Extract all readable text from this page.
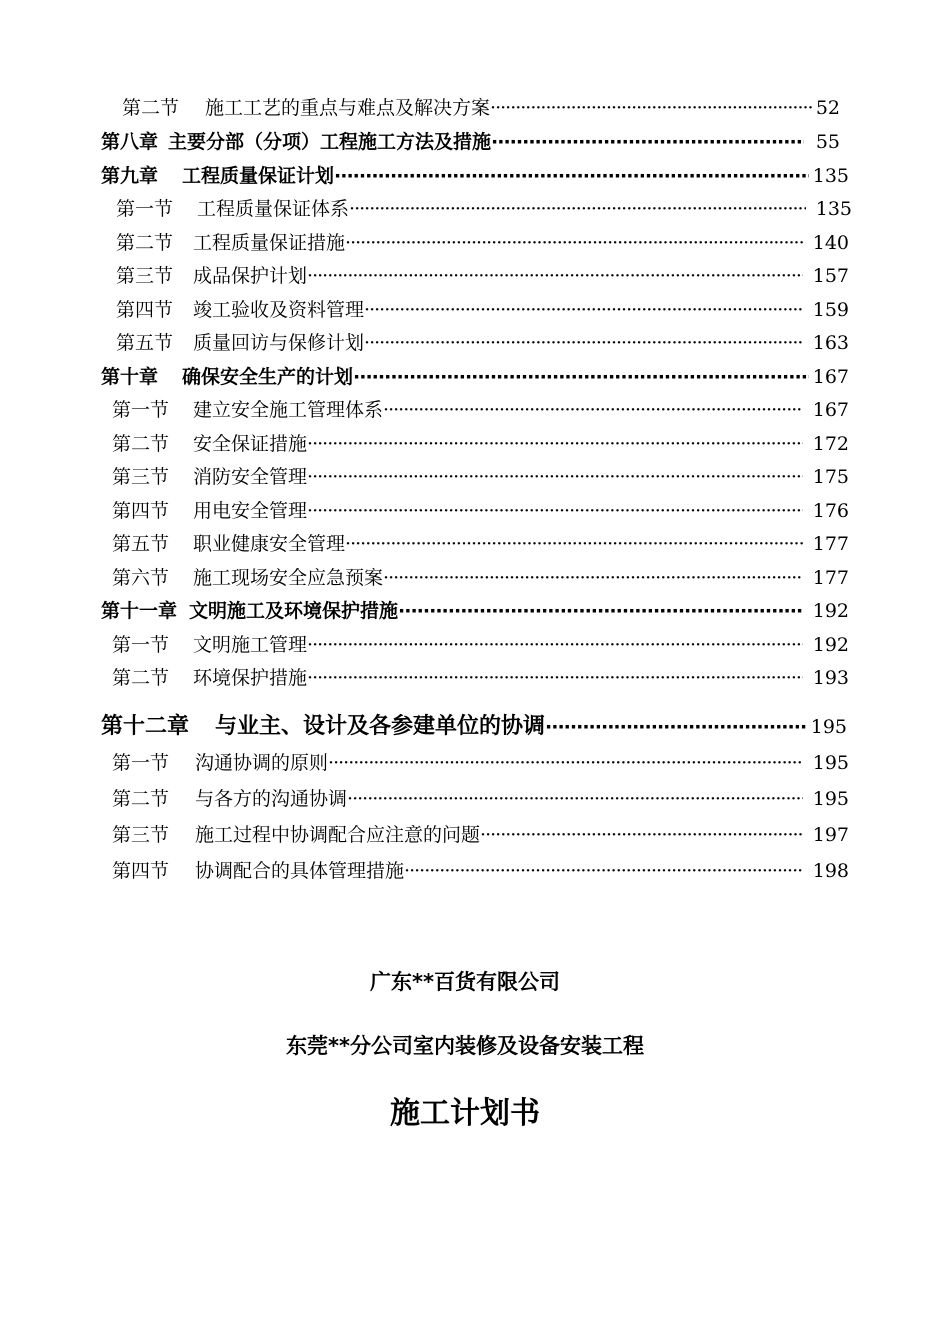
第二节 施工工艺的重点与难点及解决方案 ·····	52
第八章 主要分部（分项）工程施工方法及措施 ·····	55
第九章 工程质量保证计划 ·····	135
第一节 工程质量保证体系 ·····	135
第二节 工程质量保证措施 ·····	140
第三节 成品保护计划 ·····	157
第四节 竣工验收及资料管理 ·····	159
第五节 质量回访与保修计划 ·····	163
第十章 确保安全生产的计划 ·····	167
第一节 建立安全施工管理体系 ·····	167
第二节 安全保证措施 ·····	172
第三节 消防安全管理 ·····	175
第四节 用电安全管理 ·····	176
第五节 职业健康安全管理 ·····	177
第六节 施工现场安全应急预案 ·····	177
第十一章 文明施工及环境保护措施 ·····	192
第一节 文明施工管理 ·····	192
第二节 环境保护措施 ·····	193
第十二章 与业主、设计及各参建单位的协调 ·····	195
第一节 沟通协调的原则 ·····	195
第二节 与各方的沟通协调 ·····	195
第三节 施工过程中协调配合应注意的问题 ·····	197
第四节 协调配合的具体管理措施 ·····	198
广东**百货有限公司
东莞**分公司室内装修及设备安装工程
施工计划书
